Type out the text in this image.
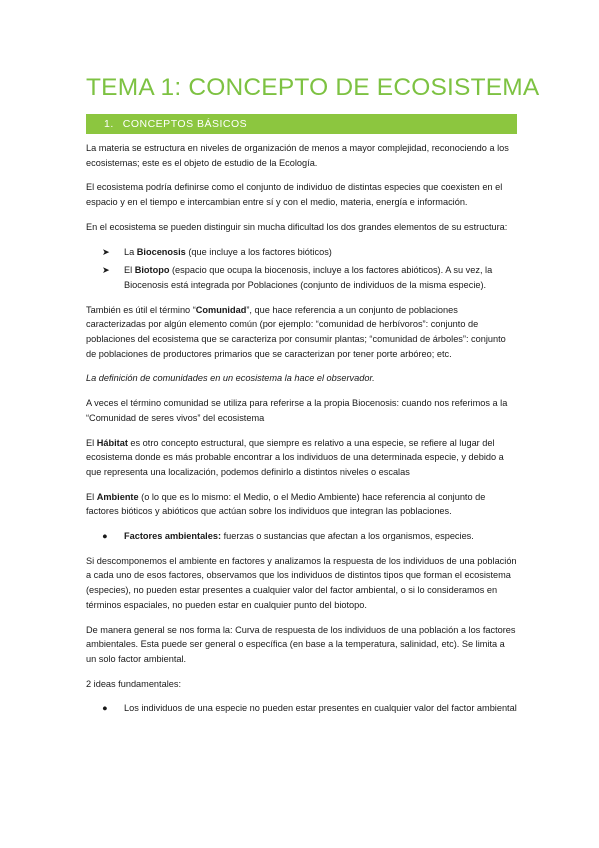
TEMA 1: CONCEPTO DE ECOSISTEMA
1. CONCEPTOS BÁSICOS

La materia se estructura en niveles de organización de menos a mayor complejidad, reconociendo a los ecosistemas; este es el objeto de estudio de la Ecología.

El ecosistema podría definirse como el conjunto de individuo de distintas especies que coexisten en el espacio y en el tiempo e intercambian entre sí y con el medio, materia, energía e información.

En el ecosistema se pueden distinguir sin mucha dificultad los dos grandes elementos de su estructura:

➤ La Biocenosis (que incluye a los factores bióticos)
➤ El Biotopo (espacio que ocupa la biocenosis, incluye a los factores abióticos). A su vez, la Biocenosis está integrada por Poblaciones (conjunto de individuos de la misma especie).

También es útil el término “Comunidad”, que hace referencia a un conjunto de poblaciones caracterizadas por algún elemento común (por ejemplo: “comunidad de herbívoros”: conjunto de poblaciones del ecosistema que se caracteriza por consumir plantas; “comunidad de árboles”: conjunto de poblaciones de productores primarios que se caracterizan por tener porte arbóreo; etc.

La definición de comunidades en un ecosistema la hace el observador.

A veces el término comunidad se utiliza para referirse a la propia Biocenosis: cuando nos referimos a la “Comunidad de seres vivos” del ecosistema

El Hábitat es otro concepto estructural, que siempre es relativo a una especie, se refiere al lugar del ecosistema donde es más probable encontrar a los individuos de una determinada especie, y debido a que representa una localización, podemos definirlo a distintos niveles o escalas

El Ambiente (o lo que es lo mismo: el Medio, o el Medio Ambiente) hace referencia al conjunto de factores bióticos y abióticos que actúan sobre los individuos que integran las poblaciones.

● Factores ambientales: fuerzas o sustancias que afectan a los organismos, especies.

Si descomponemos el ambiente en factores y analizamos la respuesta de los individuos de una población a cada uno de esos factores, observamos que los individuos de distintos tipos que forman el ecosistema (especies), no pueden estar presentes a cualquier valor del factor ambiental, o si lo consideramos en términos espaciales, no pueden estar en cualquier punto del biotopo.

De manera general se nos forma la: Curva de respuesta de los individuos de una población a los factores ambientales. Esta puede ser general o específica (en base a la temperatura, salinidad, etc). Se limita a un solo factor ambiental.

2 ideas fundamentales:

● Los individuos de una especie no pueden estar presentes en cualquier valor del factor ambiental
